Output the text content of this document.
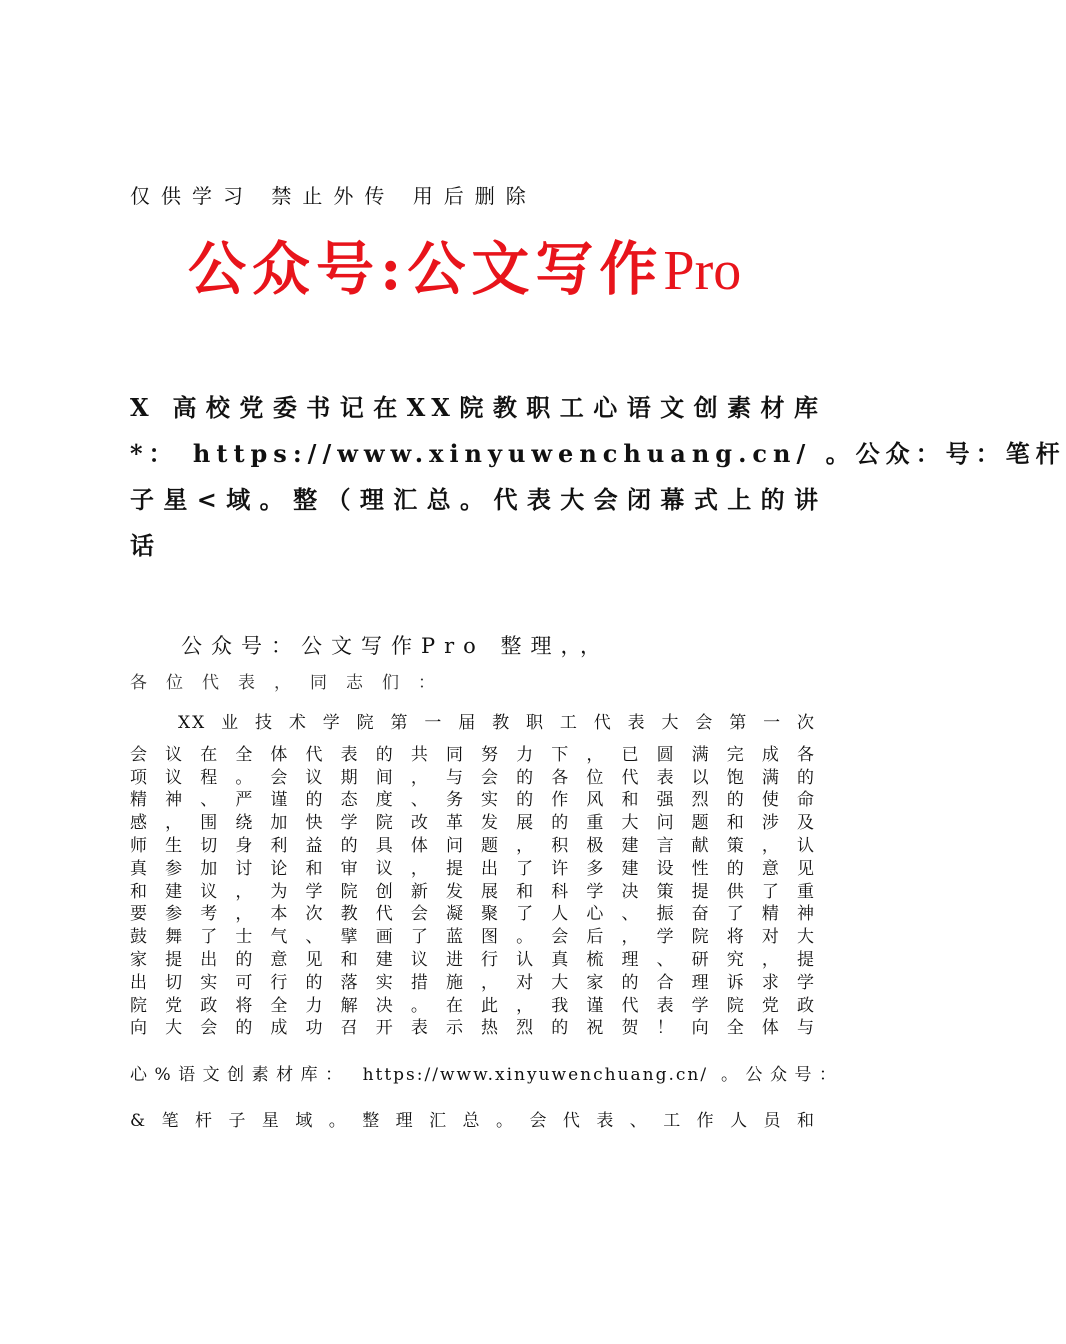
仅供学习 禁止外传 用后删除
公众号:公文写作Pro
X 高校党委书记在XX院教职工心语文创素材库
*： https://www.xinyuwenchuang.cn/ 。公众：号：笔杆
子星<域。整（理汇总。代表大会闭幕式上的讲
话
公众号：公文写作Pro 整理，，
各位代表，同志们：
XX业技术学院第一届教职工代表大会第一次
会议在全体代表的共同努力下，已圆满完成各
项议程。会议期间，与会的各位代表以饱满的
精神、严谨的态度、务实的作风和强烈的使命
感，围绕加快学院改革发展的重大问题和涉及
师生切身利益的具体问题，积极建言献策，认
真参加讨论和审议，提出了许多建设性的意见
和建议，为学院创新发展和科学决策提供了重
要参考，本次教代会凝聚了人心、振奋了精神
鼓舞了士气、擘画了蓝图。会后，学院将对大
家提出的意见和建议进行认真梳理、研究，提
出切实可行的落实措施，对大家的合理诉求学
院党政将全力解决。在此，我谨代表学院党政
向大会的成功召开表示热烈的祝贺！向全体与
心%语文创素材库： https://www.xinyuwenchuang.cn/ 。公众号：
&笔杆子星域。整理汇总。会代表、工作人员和
